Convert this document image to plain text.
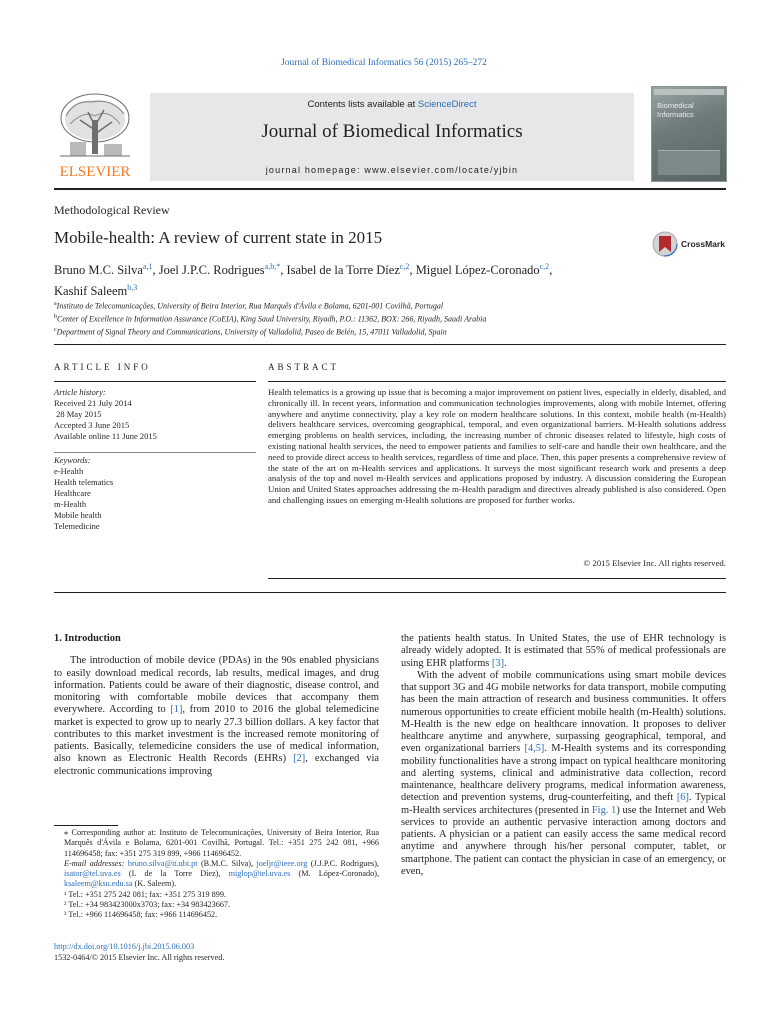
Journal of Biomedical Informatics 56 (2015) 265–272
ELSEVIER
Contents lists available at ScienceDirect
Journal of Biomedical Informatics
journal homepage: www.elsevier.com/locate/yjbin
Biomedical Informatics
Methodological Review
Mobile-health: A review of current state in 2015	CrossMark
Bruno M.C. Silva$^{a,1}$, Joel J.P.C. Rodrigues$^{a,b,*}$, Isabel de la Torre Díez$^{c,2}$, Miguel López-Coronado$^{c,2}$,
Kashif Saleem$^{b,3}$
$^a$Instituto de Telecomunicações, University of Beira Interior, Rua Marquês d'Ávila e Bolama, 6201-001 Covilhã, Portugal
$^b$Center of Excellence in Information Assurance (CoEIA), King Saud University, Riyadh, P.O.: 11362, BOX: 266, Riyadh, Saudi Arabia
$^c$Department of Signal Theory and Communications, University of Valladolid, Paseo de Belén, 15, 47011 Valladolid, Spain
ARTICLE INFO	ABSTRACT
Article history:
Received 21 July 2014
28 May 2015
Accepted 3 June 2015
Available online 11 June 2015
Keywords:
e-Health
Health telematics
Healthcare
m-Health
Mobile health
Telemedicine
Health telematics is a growing up issue that is becoming a major improvement on patient lives, especially in elderly, disabled, and chronically ill. In recent years, information and communication technologies improvements, along with mobile Internet, offering anywhere and anytime connectivity, play a key role on modern healthcare solutions. In this context, mobile health (m-Health) delivers healthcare services, overcoming geographical, temporal, and even organizational barriers. M-Health solutions address emerging problems on health services, including, the increasing number of chronic diseases related to lifestyle, high costs of existing national health services, the need to empower patients and families to self-care and handle their own healthcare, and the need to provide direct access to health services, regardless of time and place. Then, this paper presents a comprehensive review of the state of the art on m-Health services and applications. It surveys the most significant research work and presents a deep analysis of the top and novel m-Health services and applications proposed by industry. A discussion considering the European Union and United States approaches addressing the m-Health paradigm and directives already published is also considered. Open and challenging issues on emerging m-Health solutions are proposed for further works.
© 2015 Elsevier Inc. All rights reserved.
1. Introduction

The introduction of mobile device (PDAs) in the 90s enabled physicians to easily download medical records, lab results, medical images, and drug information. Patients could be aware of their diagnostic, disease control, and monitoring with comfortable mobile devices that accompany them everywhere. According to [1], from 2010 to 2016 the global telemedicine market is expected to grow up to nearly 27.3 billion dollars. A key factor that contributes to this market investment is the increased remote monitoring of patients. Basically, telemedicine considers the use of medical information, also known as Electronic Health Records (EHRs) [2], exchanged via electronic communications improving

⁎ Corresponding author at: Instituto de Telecomunicações, University of Beira Interior, Rua Marquês d'Ávila e Bolama, 6201-001 Covilhã, Portugal. Tel.: +351 275 242 081, +966 114696458; fax: +351 275 319 899, +966 114696452.
E-mail addresses: bruno.silva@it.ubi.pt (B.M.C. Silva), joeljr@ieee.org (J.J.P.C. Rodrigues), isator@tel.uva.es (I. de la Torre Díez), miglop@tel.uva.es (M. López-Coronado), ksaleem@ksu.edu.sa (K. Saleem).
¹ Tel.: +351 275 242 081; fax: +351 275 319 899.
² Tel.: +34 983423000x3703; fax: +34 983423667.
³ Tel.: +966 114696458; fax: +966 114696452.
http://dx.doi.org/10.1016/j.jbi.2015.06.003
1532-0464/© 2015 Elsevier Inc. All rights reserved.

the patients health status. In United States, the use of EHR technology is already widely adopted. It is estimated that 55% of medical professionals are using EHR platforms [3].

With the advent of mobile communications using smart mobile devices that support 3G and 4G mobile networks for data transport, mobile computing has been the main attraction of research and business communities. It offers numerous opportunities to create efficient mobile health (m-Health) solutions. M-Health is the new edge on healthcare innovation. It proposes to deliver healthcare anytime and anywhere, surpassing geographical, temporal, and even organizational barriers [4,5]. M-Health systems and its corresponding mobility functionalities have a strong impact on typical healthcare monitoring and alerting systems, clinical and administrative data collection, record maintenance, healthcare delivery programs, medical information awareness, detection and prevention systems, drug-counterfeiting, and theft [6]. Typical m-Health services architectures (presented in Fig. 1) use the Internet and Web services to provide an authentic pervasive interaction among doctors and patients. A physician or a patient can easily access the same medical record anytime and anywhere through his/her personal computer, tablet, or smartphone. The patient can contact the physician in case of an emergency, or even,
